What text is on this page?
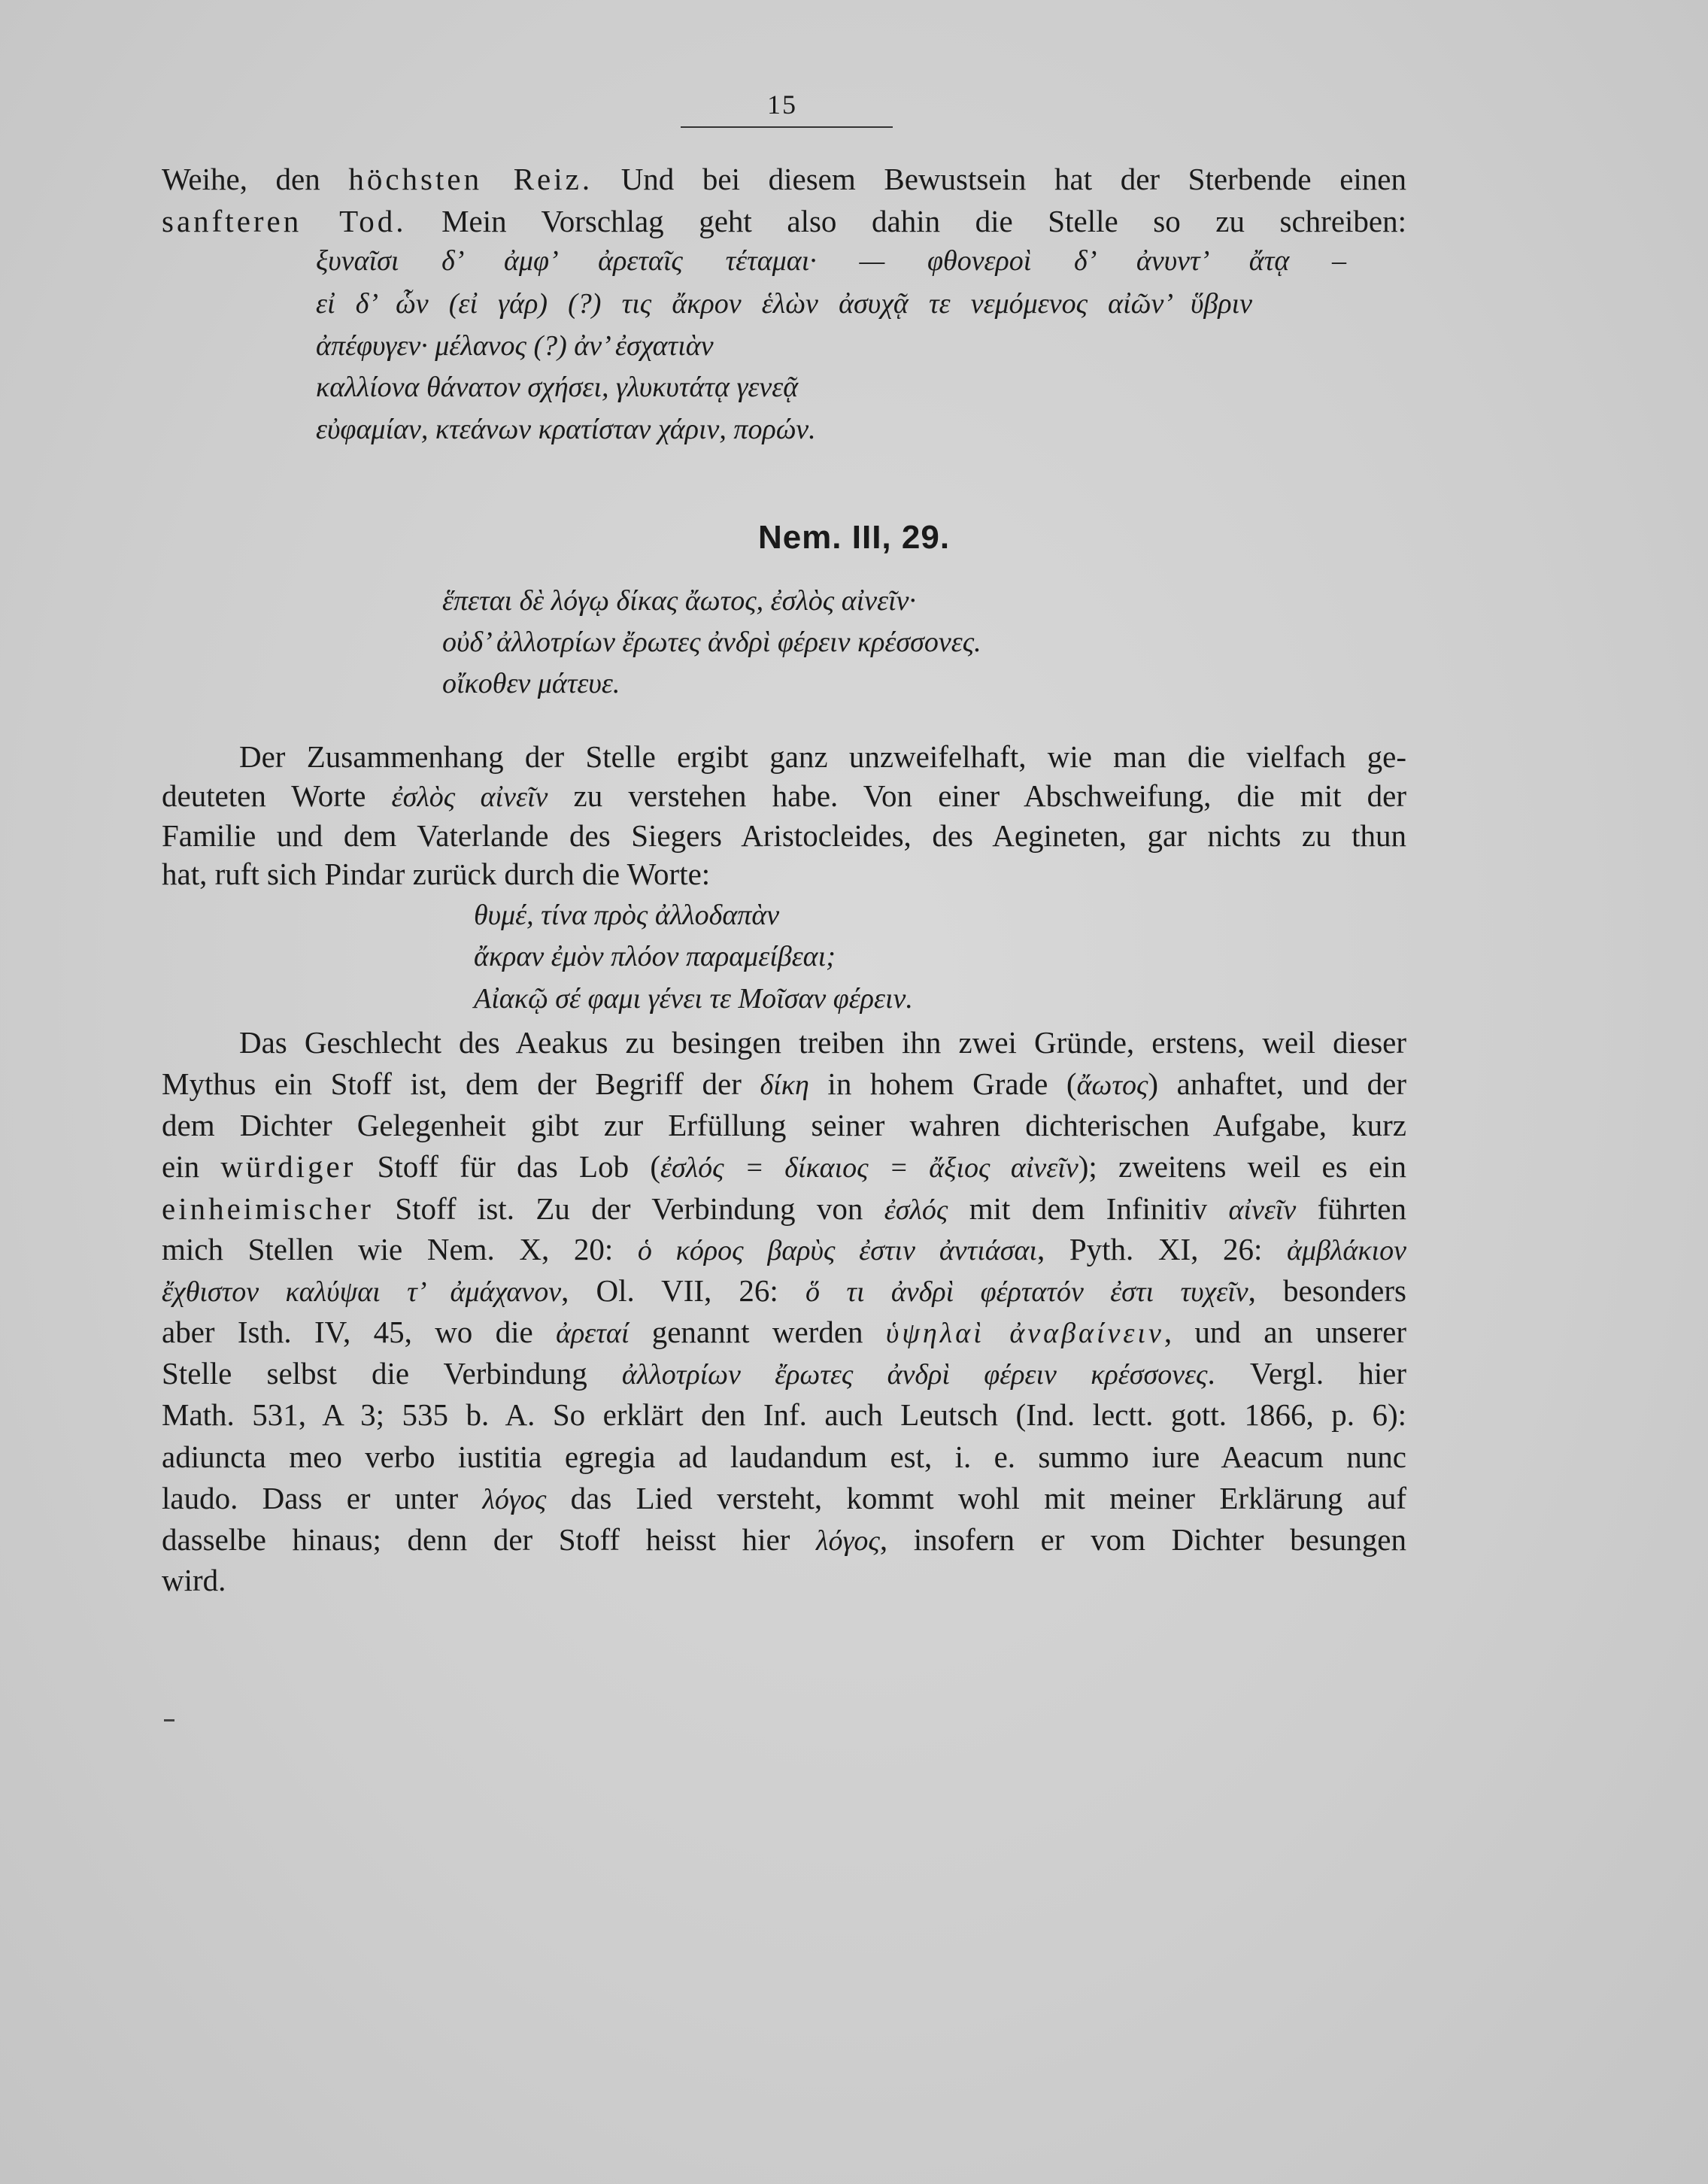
15
Weihe, den höchsten Reiz. Und bei diesem Bewustsein hat der Sterbende einen
sanfteren Tod. Mein Vorschlag geht also dahin die Stelle so zu schreiben:
ξυναῖσι δ’ ἀμφ’ ἀρεταῖς τέταμαι· — φθονεροὶ δ’ ἀνυντ’ ἄτᾳ –
εἰ δ’ ὧν (εἰ γάρ) (?) τις ἄκρον ἑλὼν ἀσυχᾷ τε νεμόμενος αἰῶν’ ὕβριν
ἀπέφυγεν· μέλανος (?) ἀν’ ἐσχατιὰν
καλλίονα θάνατον σχήσει, γλυκυτάτᾳ γενεᾷ
εὐφαμίαν, κτεάνων κρατίσταν χάριν, πορών.
Nem. III, 29.
ἕπεται δὲ λόγῳ δίκας ἄωτος, ἐσλὸς αἰνεῖν·
οὐδ’ ἀλλοτρίων ἔρωτες ἀνδρὶ φέρειν κρέσσονες.
οἴκοθεν μάτευε.
Der Zusammenhang der Stelle ergibt ganz unzweifelhaft, wie man die vielfach ge-
deuteten Worte ἐσλὸς αἰνεῖν zu verstehen habe. Von einer Abschweifung, die mit der
Familie und dem Vaterlande des Siegers Aristocleides, des Aegineten, gar nichts zu thun
hat, ruft sich Pindar zurück durch die Worte:
θυμέ, τίνα πρὸς ἀλλοδαπὰν
ἄκραν ἐμὸν πλόον παραμείβεαι;
Αἰακῷ σέ φαμι γένει τε Μοῖσαν φέρειν.
Das Geschlecht des Aeakus zu besingen treiben ihn zwei Gründe, erstens, weil dieser
Mythus ein Stoff ist, dem der Begriff der δίκη in hohem Grade (ἄωτος) anhaftet, und der
dem Dichter Gelegenheit gibt zur Erfüllung seiner wahren dichterischen Aufgabe, kurz
ein würdiger Stoff für das Lob (ἐσλός = δίκαιος = ἄξιος αἰνεῖν); zweitens weil es ein
einheimischer Stoff ist. Zu der Verbindung von ἐσλός mit dem Infinitiv αἰνεῖν führten
mich Stellen wie Nem. X, 20: ὁ κόρος βαρὺς ἐστιν ἀντιάσαι, Pyth. XI, 26: ἀμβλάκιον
ἔχθιστον καλύψαι τ’ ἀμάχανον, Ol. VII, 26: ὅ τι ἀνδρὶ φέρτατόν ἐστι τυχεῖν, besonders
aber Isth. IV, 45, wo die ἀρεταί genannt werden ὑψηλαὶ ἀναβαίνειν, und an unserer
Stelle selbst die Verbindung ἀλλοτρίων ἔρωτες ἀνδρὶ φέρειν κρέσσονες. Vergl. hier
Math. 531, A 3; 535 b. A. So erklärt den Inf. auch Leutsch (Ind. lectt. gott. 1866, p. 6):
adiuncta meo verbo iustitia egregia ad laudandum est, i. e. summo iure Aeacum nunc
laudo. Dass er unter λόγος das Lied versteht, kommt wohl mit meiner Erklärung auf
dasselbe hinaus; denn der Stoff heisst hier λόγος, insofern er vom Dichter besungen
wird.
